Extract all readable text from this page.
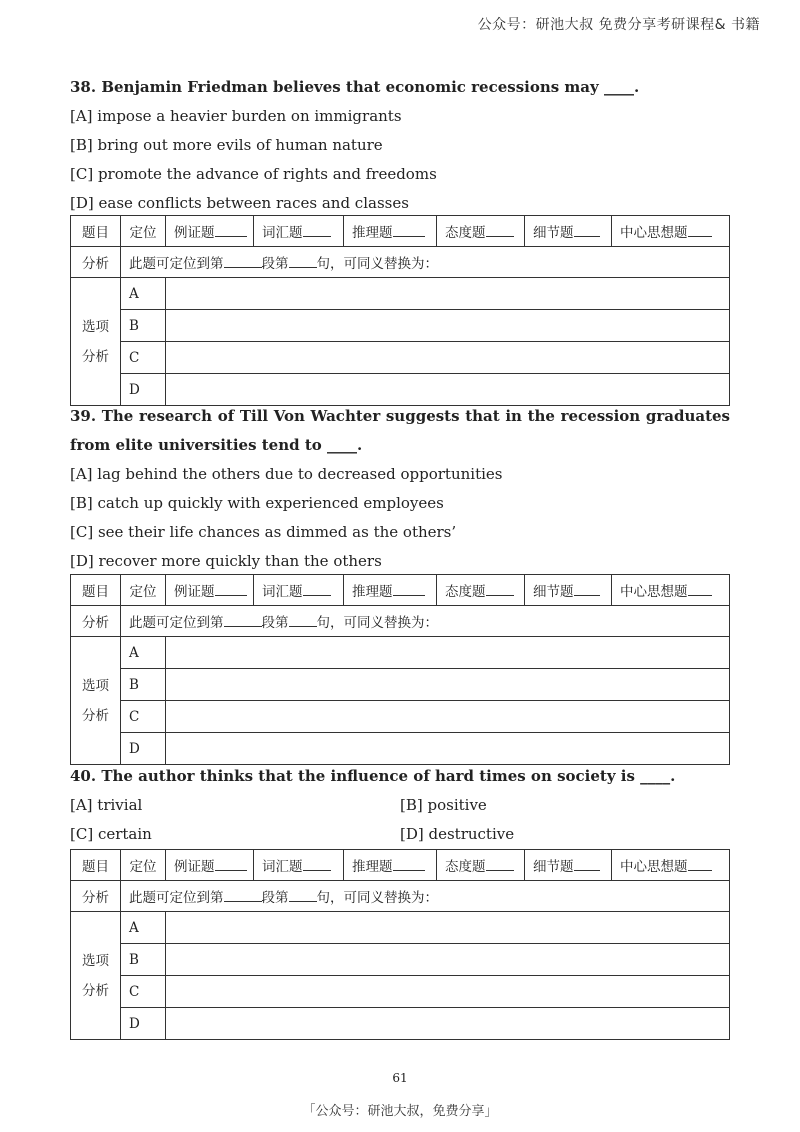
公众号：研池大叔 免费分享考研课程& 书籍
38. Benjamin Friedman believes that economic recessions may ____.
[A] impose a heavier burden on immigrants
[B] bring out more evils of human nature
[C] promote the advance of rights and freedoms
[D] ease conflicts between races and classes
题目	定位	例证题	词汇题	推理题	态度题	细节题	中心思想题
分析	此题可定位到第 段第 句，可同义替换为：						

选项
分析	A						
	B						
	C						
	D						
39. The research of Till Von Wachter suggests that in the recession graduates from elite universities tend to ____.
[A] lag behind the others due to decreased opportunities
[B] catch up quickly with experienced employees
[C] see their life chances as dimmed as the others’
[D] recover more quickly than the others
题目	定位	例证题	词汇题	推理题	态度题	细节题	中心思想题
分析	此题可定位到第 段第 句，可同义替换为：						

选项
分析	A						
	B						
	C						
	D						
40. The author thinks that the influence of hard times on society is ____.
[A] trivial	[B] positive
[C] certain	[D] destructive
题目	定位	例证题	词汇题	推理题	态度题	细节题	中心思想题
分析	此题可定位到第 段第 句，可同义替换为：						

选项
分析	A						
	B						
	C						
	D						
61
「公众号：研池大叔，免费分享」
